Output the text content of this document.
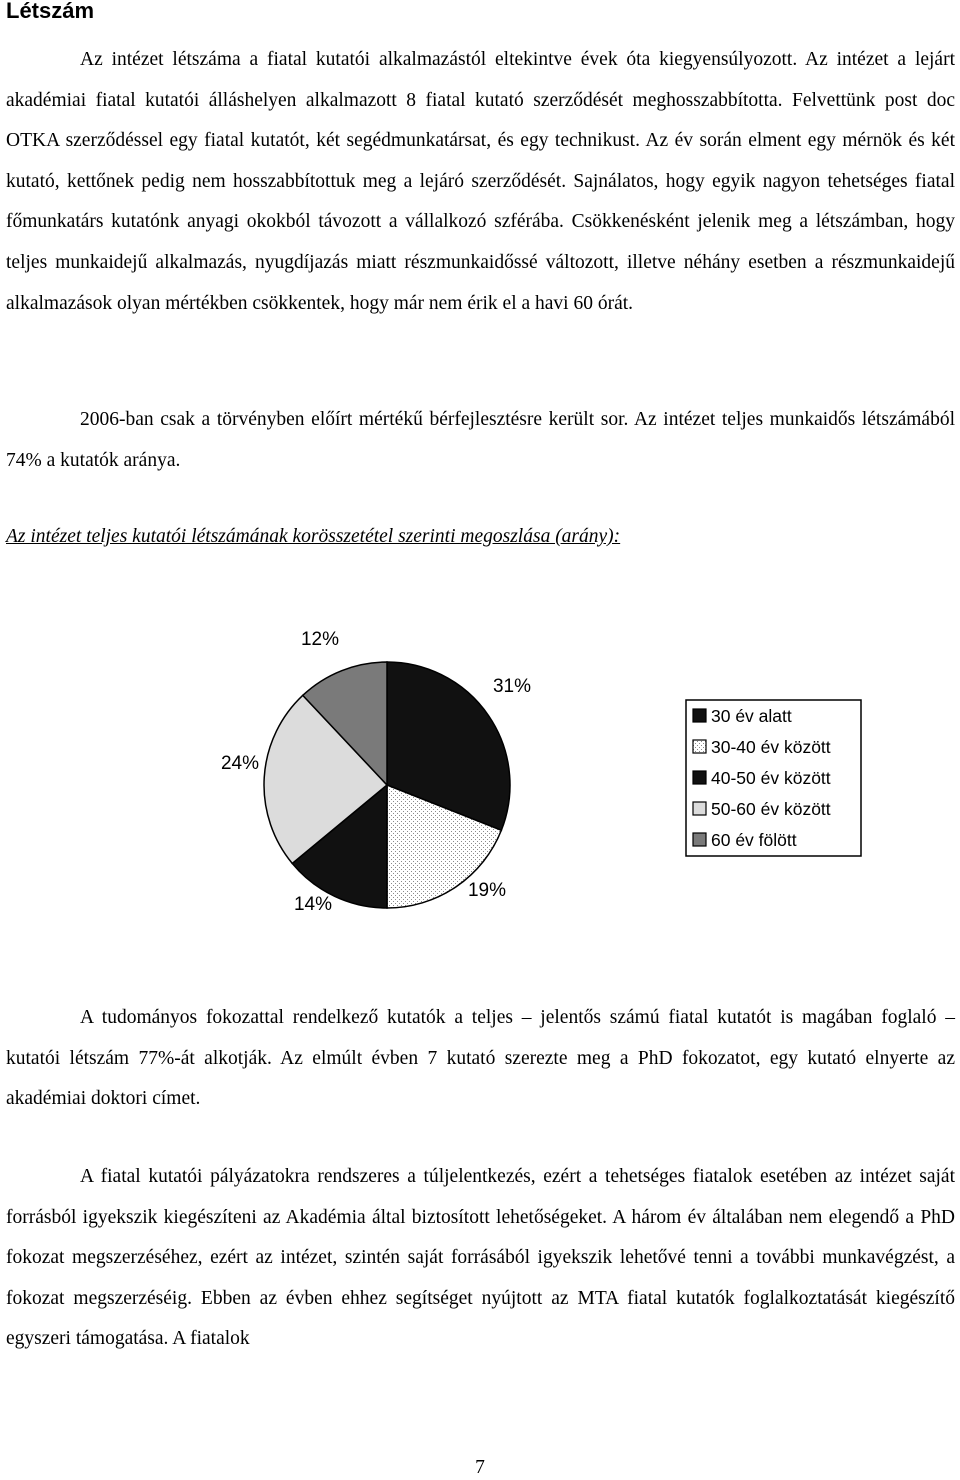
Létszám

Az intézet létszáma a fiatal kutatói alkalmazástól eltekintve évek óta kiegyensúlyozott. Az intézet a lejárt akadémiai fiatal kutatói álláshelyen alkalmazott 8 fiatal kutató szerződését meghosszabbította. Felvettünk post doc OTKA szerződéssel egy fiatal kutatót, két segédmunkatársat, és egy technikust. Az év során elment egy mérnök és két kutató, kettőnek pedig nem hosszabbítottuk meg a lejáró szerződését. Sajnálatos, hogy egyik nagyon tehetséges fiatal főmunkatárs kutatónk anyagi okokból távozott a vállalkozó szférába. Csökkenésként jelenik meg a létszámban, hogy teljes munkaidejű alkalmazás, nyugdíjazás miatt részmunkaidőssé változott, illetve néhány esetben a részmunkaidejű alkalmazások olyan mértékben csökkentek, hogy már nem érik el a havi 60 órát.

2006-ban csak a törvényben előírt mértékű bérfejlesztésre került sor. Az intézet teljes munkaidős létszámából 74% a kutatók aránya.

Az intézet teljes kutatói létszámának korösszetétel szerinti megoszlása (arány):
31%
19%
14%
24%
12%
30 év alatt
30-40 év között
40-50 év között
50-60 év között
60 év fölött

A tudományos fokozattal rendelkező kutatók a teljes – jelentős számú fiatal kutatót is magában foglaló – kutatói létszám 77%-át alkotják. Az elmúlt évben 7 kutató szerezte meg a PhD fokozatot, egy kutató elnyerte az akadémiai doktori címet.

A fiatal kutatói pályázatokra rendszeres a túljelentkezés, ezért a tehetséges fiatalok esetében az intézet saját forrásból igyekszik kiegészíteni az Akadémia által biztosított lehetőségeket. A három év általában nem elegendő a PhD fokozat megszerzéséhez, ezért az intézet, szintén saját forrásából igyekszik lehetővé tenni a további munkavégzést, a fokozat megszerzéséig. Ebben az évben ehhez segítséget nyújtott az MTA fiatal kutatók foglalkoztatását kiegészítő egyszeri támogatása. A fiatalok

7
